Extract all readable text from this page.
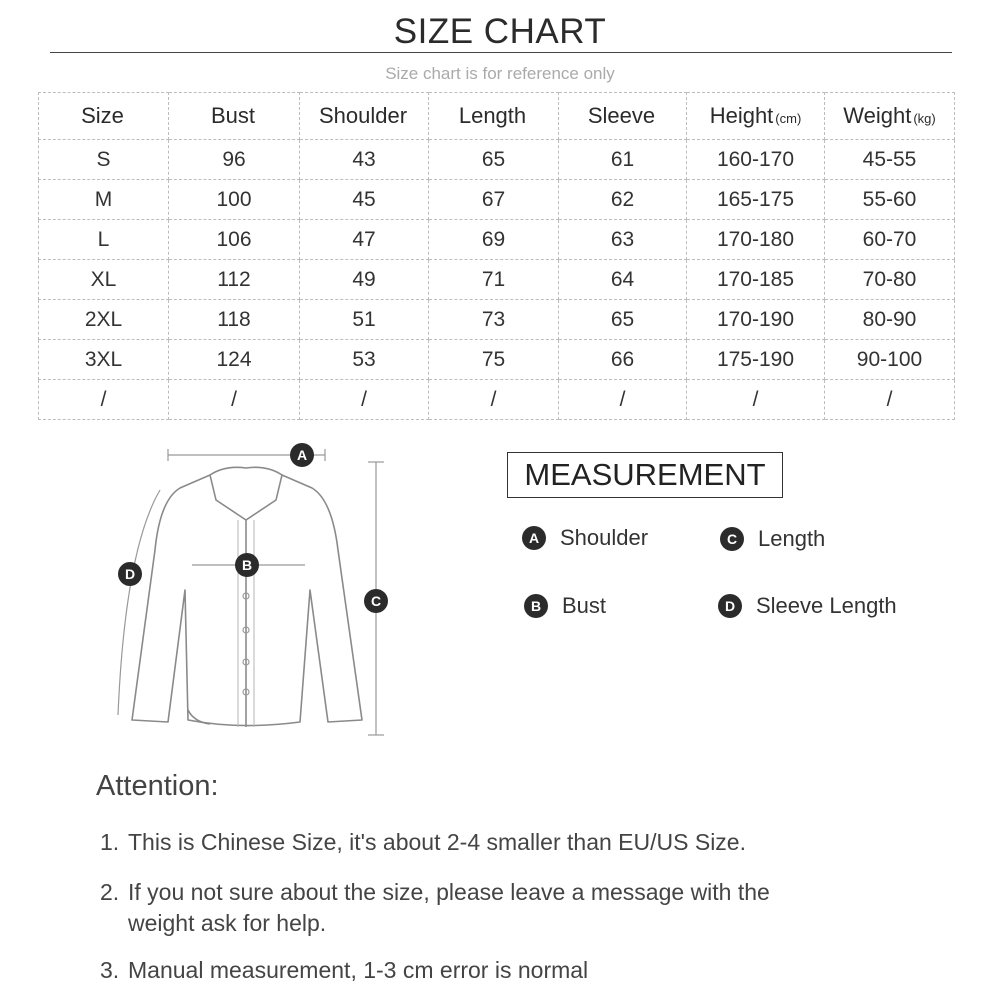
SIZE CHART
Size chart is for reference only
Size	Bust	Shoulder	Length	Sleeve	Height (cm)	Weight (kg)
S	96	43	65	61	160-170	45-55
M	100	45	67	62	165-175	55-60
L	106	47	69	63	170-180	60-70
XL	112	49	71	64	170-185	70-80
2XL	118	51	73	65	170-190	80-90
3XL	124	53	75	66	175-190	90-100
/	/	/	/	/	/	/
A
B
C
D
MEASUREMENT
A Shoulder
B Bust
C Length
D Sleeve Length
Attention:
1. This is Chinese Size, it's about 2-4 smaller than EU/US Size.
2. If you not sure about the size, please leave a message with the
weight ask for help.
3. Manual measurement, 1-3 cm error is normal
